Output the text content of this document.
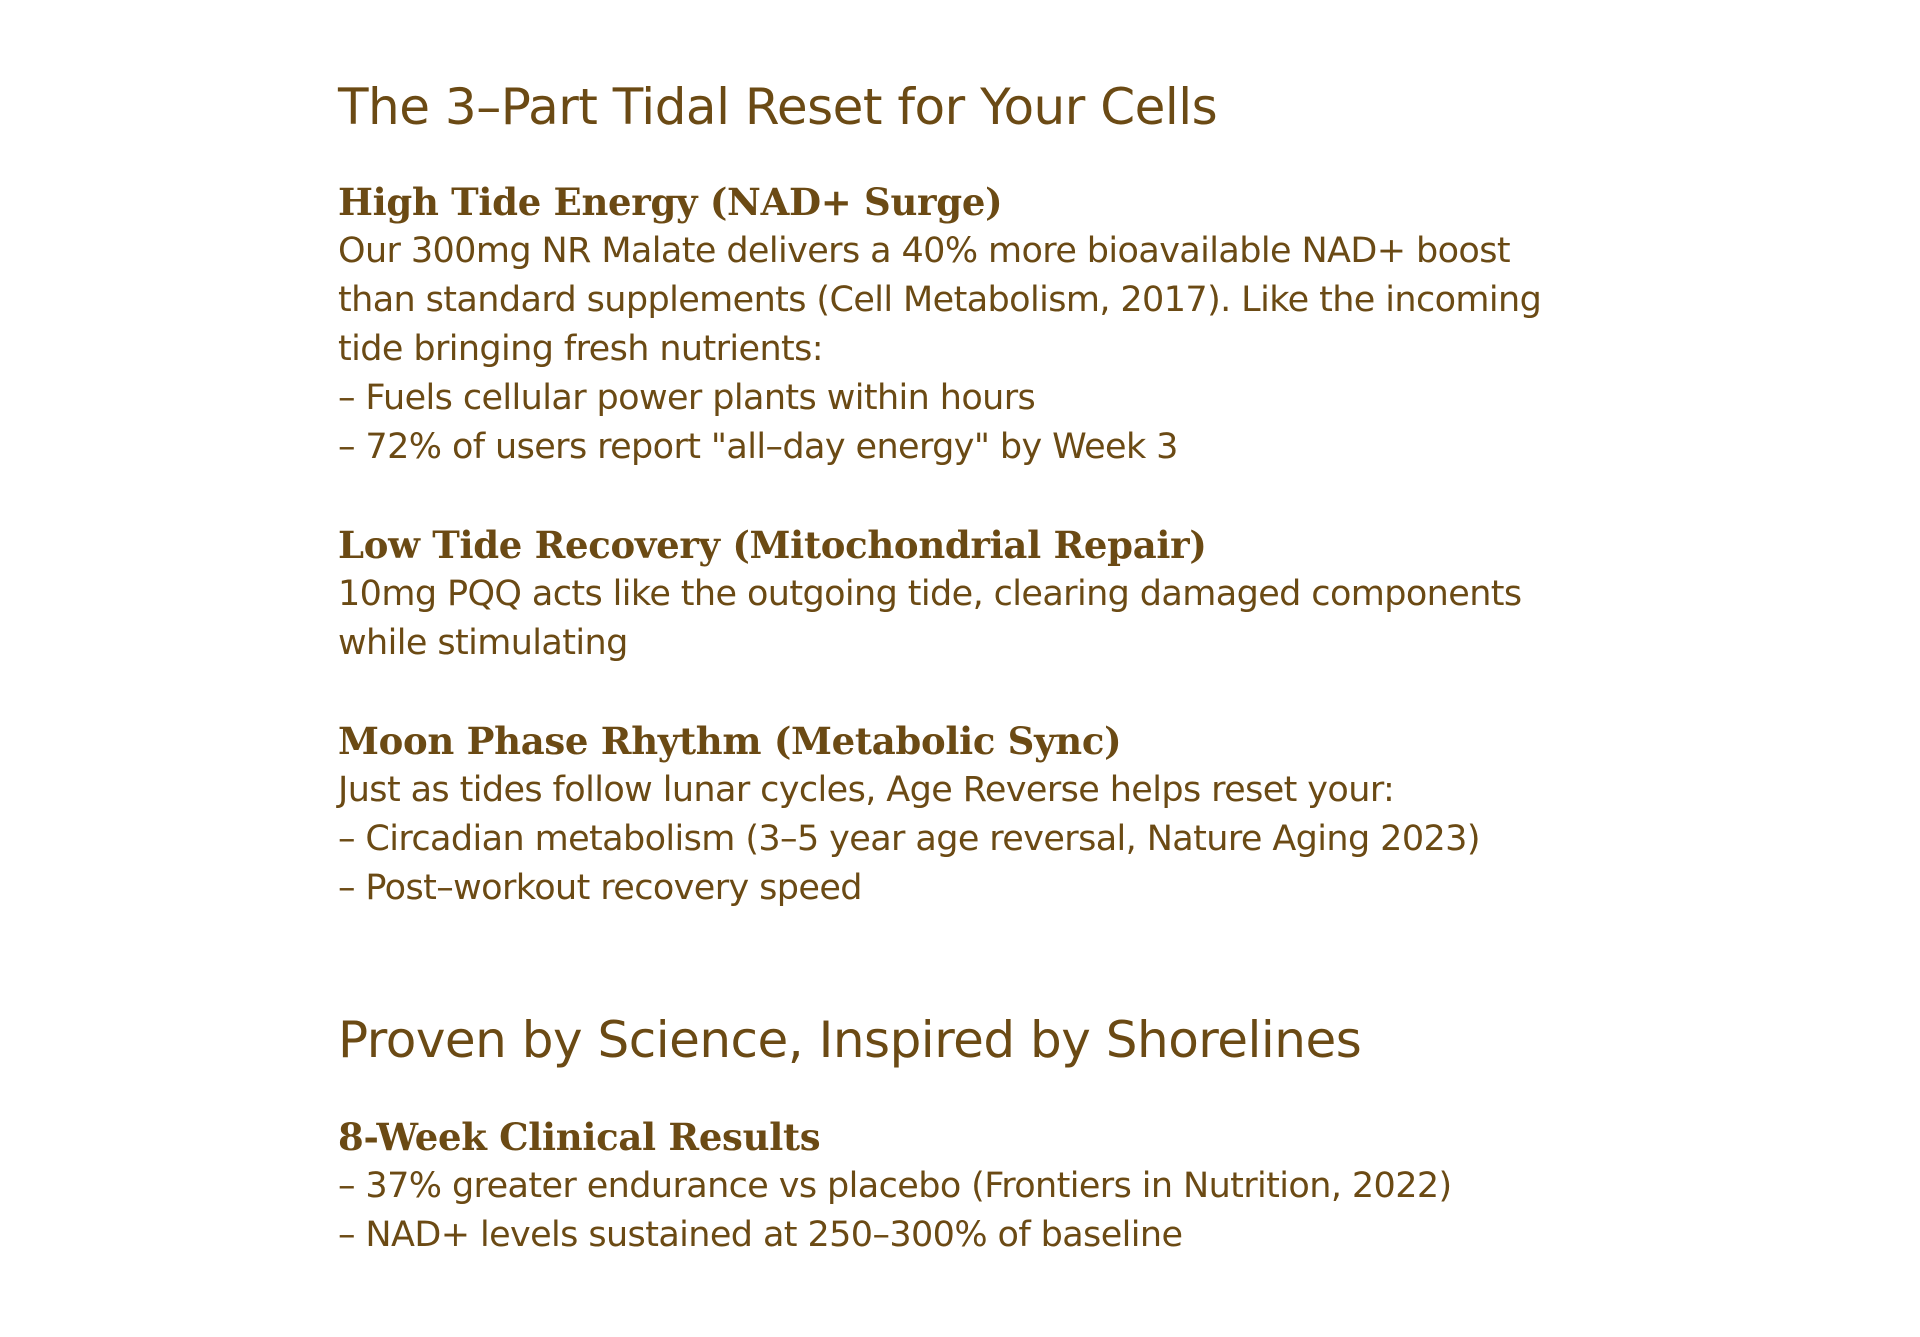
The 3–Part Tidal Reset for Your Cells
High Tide Energy (NAD+ Surge)

Our 300mg NR Malate delivers a 40% more bioavailable NAD+ boost

than standard supplements (Cell Metabolism, 2017). Like the incoming

tide bringing fresh nutrients:

– Fuels cellular power plants within hours

– 72% of users report "all–day energy" by Week 3

Low Tide Recovery (Mitochondrial Repair)

10mg PQQ acts like the outgoing tide, clearing damaged components

while stimulating

Moon Phase Rhythm (Metabolic Sync)

Just as tides follow lunar cycles, Age Reverse helps reset your:

– Circadian metabolism (3–5 year age reversal, Nature Aging 2023)

– Post–workout recovery speed

Proven by Science, Inspired by Shorelines
8-Week Clinical Results

– 37% greater endurance vs placebo (Frontiers in Nutrition, 2022)

– NAD+ levels sustained at 250–300% of baseline
